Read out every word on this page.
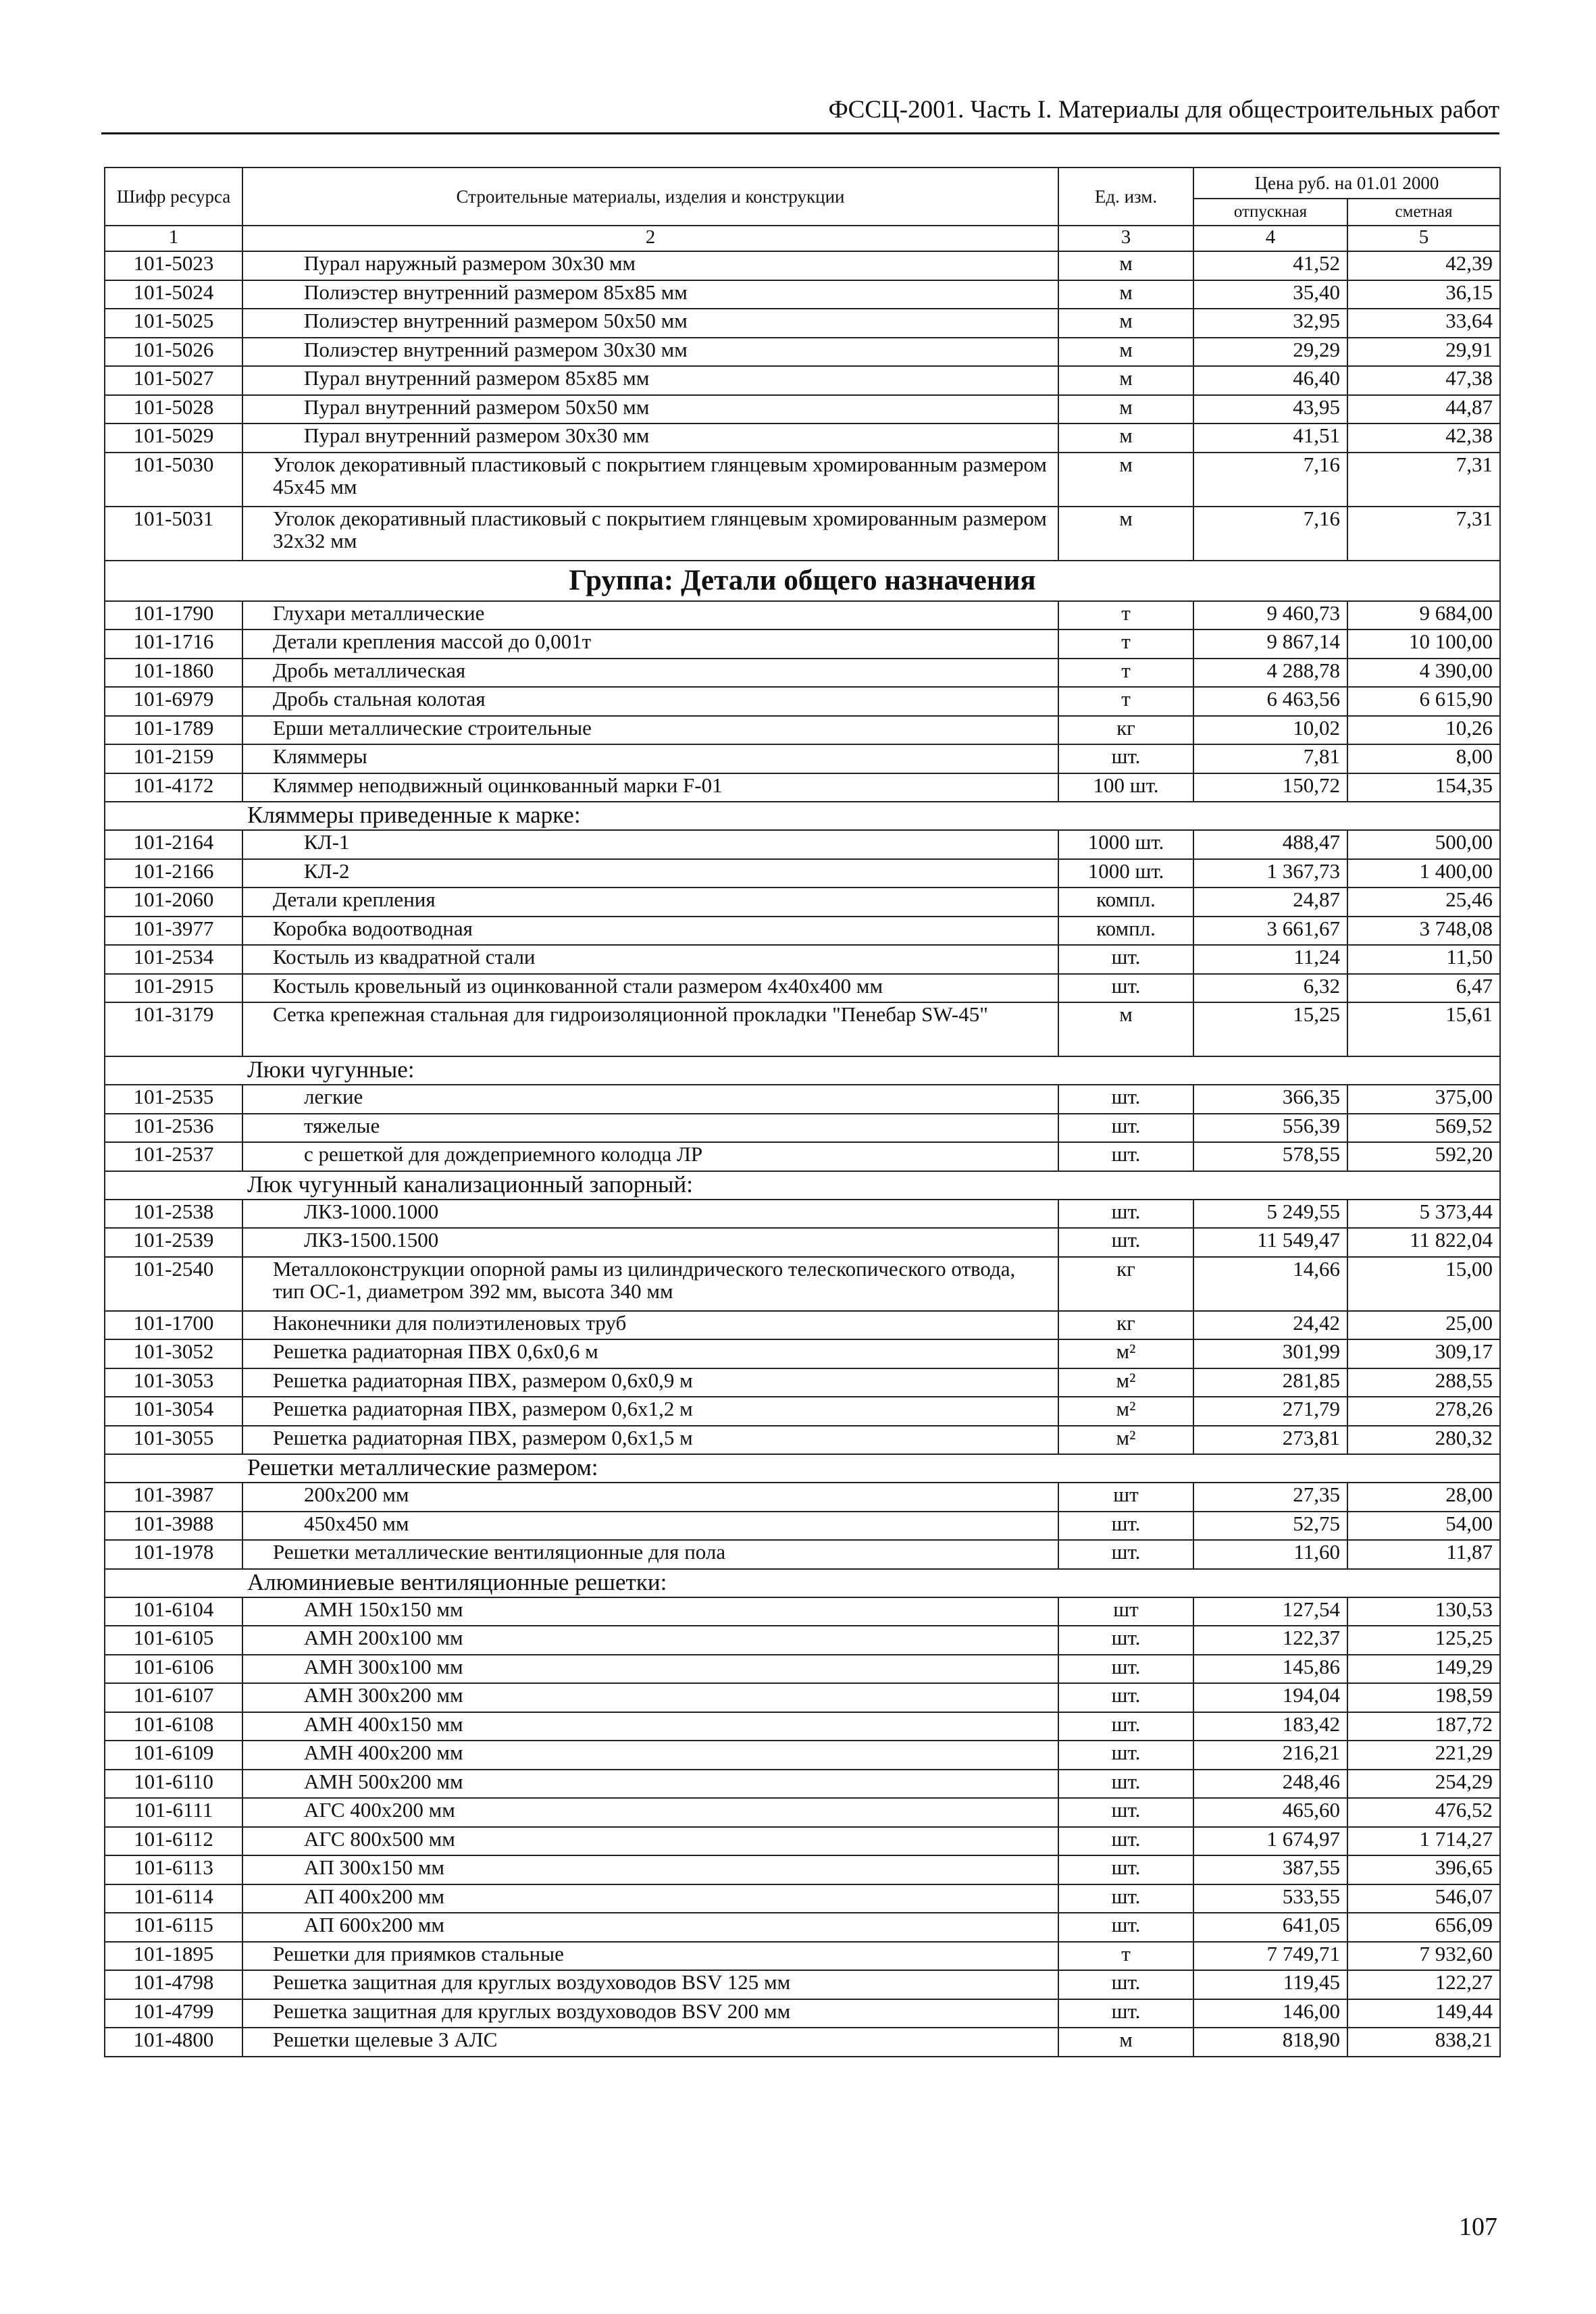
ФССЦ-2001. Часть I. Материалы для общестроительных работ
Шифр ресурса	Строительные материалы, изделия и конструкции	Ед. изм.	Цена руб. на 01.01 2000	
			отпускная	сметная
1	2	3	4	5
101-5023	Пурал наружный размером 30х30 мм	м	41,52	42,39
101-5024	Полиэстер внутренний размером 85х85 мм	м	35,40	36,15
101-5025	Полиэстер внутренний размером 50х50 мм	м	32,95	33,64
101-5026	Полиэстер внутренний размером 30х30 мм	м	29,29	29,91
101-5027	Пурал внутренний размером 85х85 мм	м	46,40	47,38
101-5028	Пурал внутренний размером 50х50 мм	м	43,95	44,87
101-5029	Пурал внутренний размером 30х30 мм	м	41,51	42,38
101-5030	Уголок декоративный пластиковый с покрытием глянцевым хромированным размером 45х45 мм	м	7,16	7,31
101-5031	Уголок декоративный пластиковый с покрытием глянцевым хромированным размером 32х32 мм	м	7,16	7,31
Группа: Детали общего назначения				
101-1790	Глухари металлические	т	9 460,73	9 684,00
101-1716	Детали крепления массой до 0,001т	т	9 867,14	10 100,00
101-1860	Дробь металлическая	т	4 288,78	4 390,00
101-6979	Дробь стальная колотая	т	6 463,56	6 615,90
101-1789	Ерши металлические строительные	кг	10,02	10,26
101-2159	Кляммеры	шт.	7,81	8,00
101-4172	Кляммер неподвижный оцинкованный марки F-01	100 шт.	150,72	154,35
Кляммеры приведенные к марке:				
101-2164	КЛ-1	1000 шт.	488,47	500,00
101-2166	КЛ-2	1000 шт.	1 367,73	1 400,00
101-2060	Детали крепления	компл.	24,87	25,46
101-3977	Коробка водоотводная	компл.	3 661,67	3 748,08
101-2534	Костыль из квадратной стали	шт.	11,24	11,50
101-2915	Костыль кровельный из оцинкованной стали размером 4х40х400 мм	шт.	6,32	6,47
101-3179	Сетка крепежная стальная для гидроизоляционной прокладки "Пенебар SW-45"	м	15,25	15,61
Люки чугунные:				
101-2535	легкие	шт.	366,35	375,00
101-2536	тяжелые	шт.	556,39	569,52
101-2537	с решеткой для дождеприемного колодца ЛР	шт.	578,55	592,20
Люк чугунный канализационный запорный:				
101-2538	ЛКЗ-1000.1000	шт.	5 249,55	5 373,44
101-2539	ЛКЗ-1500.1500	шт.	11 549,47	11 822,04
101-2540	Металлоконструкции опорной рамы из цилиндрического телескопического отвода, тип ОС-1, диаметром 392 мм, высота 340 мм	кг	14,66	15,00
101-1700	Наконечники для полиэтиленовых труб	кг	24,42	25,00
101-3052	Решетка радиаторная ПВХ 0,6х0,6 м	м²	301,99	309,17
101-3053	Решетка радиаторная ПВХ, размером 0,6х0,9 м	м²	281,85	288,55
101-3054	Решетка радиаторная ПВХ, размером 0,6х1,2 м	м²	271,79	278,26
101-3055	Решетка радиаторная ПВХ, размером 0,6х1,5 м	м²	273,81	280,32
Решетки металлические размером:				
101-3987	200х200 мм	шт	27,35	28,00
101-3988	450х450 мм	шт.	52,75	54,00
101-1978	Решетки металлические вентиляционные для пола	шт.	11,60	11,87
Алюминиевые вентиляционные решетки:				
101-6104	АМН 150х150 мм	шт	127,54	130,53
101-6105	АМН 200х100 мм	шт.	122,37	125,25
101-6106	АМН 300х100 мм	шт.	145,86	149,29
101-6107	АМН 300х200 мм	шт.	194,04	198,59
101-6108	АМН 400х150 мм	шт.	183,42	187,72
101-6109	АМН 400х200 мм	шт.	216,21	221,29
101-6110	АМН 500х200 мм	шт.	248,46	254,29
101-6111	АГС 400х200 мм	шт.	465,60	476,52
101-6112	АГС 800х500 мм	шт.	1 674,97	1 714,27
101-6113	АП 300х150 мм	шт.	387,55	396,65
101-6114	АП 400х200 мм	шт.	533,55	546,07
101-6115	АП 600х200 мм	шт.	641,05	656,09
101-1895	Решетки для приямков стальные	т	7 749,71	7 932,60
101-4798	Решетка защитная для круглых воздуховодов BSV 125 мм	шт.	119,45	122,27
101-4799	Решетка защитная для круглых воздуховодов BSV 200 мм	шт.	146,00	149,44
101-4800	Решетки щелевые 3 АЛС	м	818,90	838,21
107
